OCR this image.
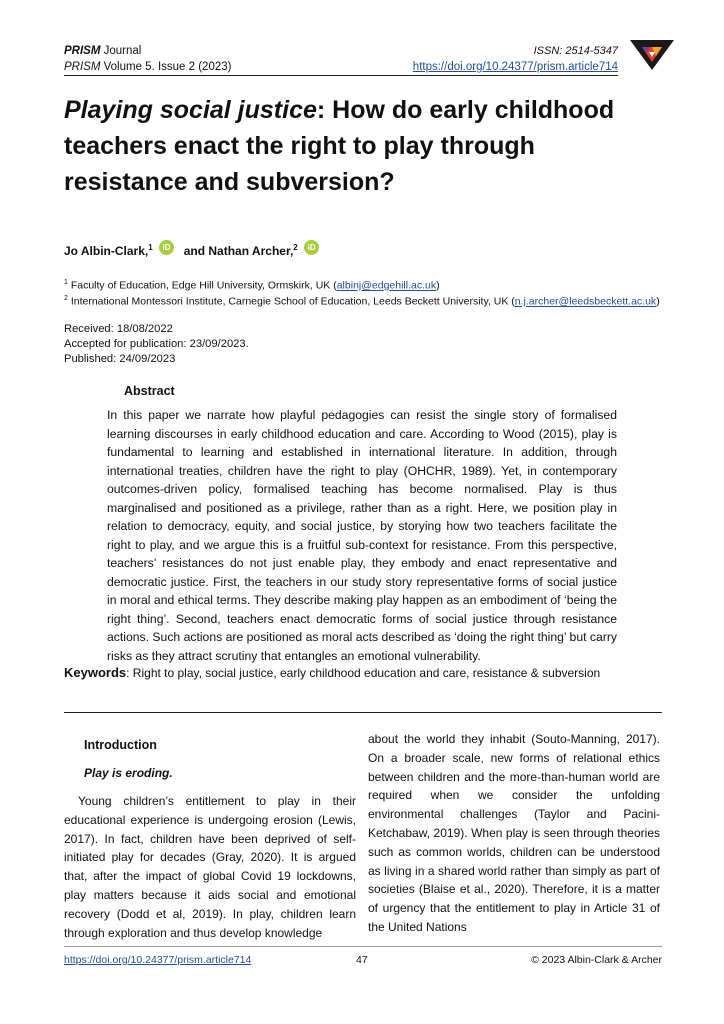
PRISM Journal
PRISM Volume 5. Issue 2 (2023)
ISSN: 2514-5347
https://doi.org/10.24377/prism.article714
Playing social justice: How do early childhood
teachers enact the right to play through
resistance and subversion?
Jo Albin-Clark,$^1$ iD and Nathan Archer,$^2$ iD
$^1$ Faculty of Education, Edge Hill University, Ormskirk, UK (albinj@edgehill.ac.uk)
$^2$ International Montessori Institute, Carnegie School of Education, Leeds Beckett University, UK (n.j.archer@leedsbeckett.ac.uk)
Received: 18/08/2022
Accepted for publication: 23/09/2023.
Published: 24/09/2023
Abstract
In this paper we narrate how playful pedagogies can resist the single story of formalised learning discourses in early childhood education and care. According to Wood (2015), play is fundamental to learning and established in international literature. In addition, through international treaties, children have the right to play (OHCHR, 1989). Yet, in contemporary outcomes-driven policy, formalised teaching has become normalised. Play is thus marginalised and positioned as a privilege, rather than as a right. Here, we position play in relation to democracy, equity, and social justice, by storying how two teachers facilitate the right to play, and we argue this is a fruitful sub-context for resistance. From this perspective, teachers’ resistances do not just enable play, they embody and enact representative and democratic justice. First, the teachers in our study story representative forms of social justice in moral and ethical terms. They describe making play happen as an embodiment of ‘being the right thing’. Second, teachers enact democratic forms of social justice through resistance actions. Such actions are positioned as moral acts described as ‘doing the right thing’ but carry risks as they attract scrutiny that entangles an emotional vulnerability.
Keywords: Right to play, social justice, early childhood education and care, resistance & subversion
Introduction
Play is eroding.

Young children’s entitlement to play in their educational experience is undergoing erosion (Lewis, 2017). In fact, children have been deprived of self-initiated play for decades (Gray, 2020). It is argued that, after the impact of global Covid 19 lockdowns, play matters because it aids social and emotional recovery (Dodd et al, 2019). In play, children learn through exploration and thus develop knowledge

about the world they inhabit (Souto-Manning, 2017). On a broader scale, new forms of relational ethics between children and the more-than-human world are required when we consider the unfolding environmental challenges (Taylor and Pacini-Ketchabaw, 2019). When play is seen through theories such as common worlds, children can be understood as living in a shared world rather than simply as part of societies (Blaise et al., 2020). Therefore, it is a matter of urgency that the entitlement to play in Article 31 of the United Nations

https://doi.org/10.24377/prism.article714	47	© 2023 Albin-Clark & Archer
